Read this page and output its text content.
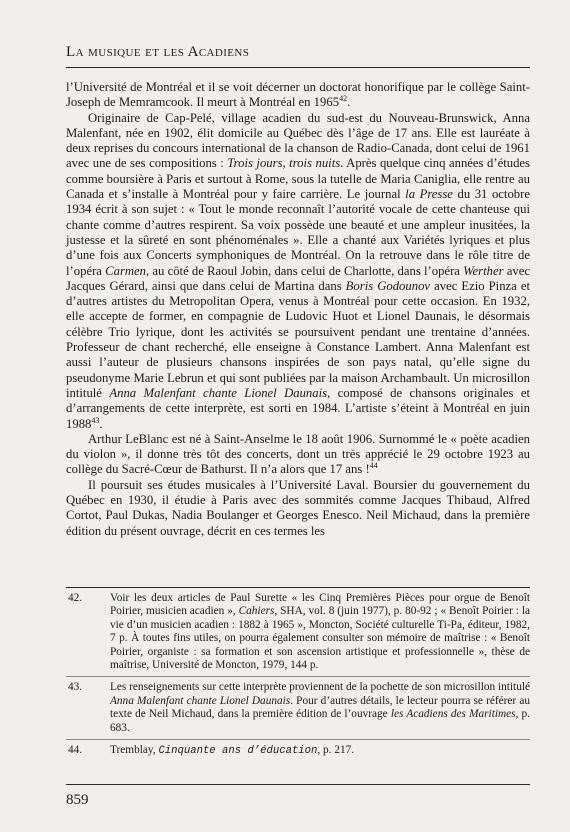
La musique et les Acadiens

l’Université de Montréal et il se voit décerner un doctorat honorifique par le collège Saint-Joseph de Memramcook. Il meurt à Montréal en 1965$^{42}$.

Originaire de Cap-Pelé, village acadien du sud-est du Nouveau-Brunswick, Anna Malenfant, née en 1902, élit domicile au Québec dès l’âge de 17 ans. Elle est lauréate à deux reprises du concours international de la chanson de Radio-Canada, dont celui de 1961 avec une de ses compositions : Trois jours, trois nuits. Après quelque cinq années d’études comme boursière à Paris et surtout à Rome, sous la tutelle de Maria Caniglia, elle rentre au Canada et s’installe à Montréal pour y faire carrière. Le journal la Presse du 31 octobre 1934 écrit à son sujet : « Tout le monde reconnaît l’autorité vocale de cette chanteuse qui chante comme d’autres respirent. Sa voix possède une beauté et une ampleur inusitées, la justesse et la sûreté en sont phénoménales ». Elle a chanté aux Variétés lyriques et plus d’une fois aux Concerts symphoniques de Montréal. On la retrouve dans le rôle titre de l’opéra Carmen, au côté de Raoul Jobin, dans celui de Charlotte, dans l’opéra Werther avec Jacques Gérard, ainsi que dans celui de Martina dans Boris Godounov avec Ezio Pinza et d’autres artistes du Metropolitan Opera, venus à Montréal pour cette occasion. En 1932, elle accepte de former, en compagnie de Ludovic Huot et Lionel Daunais, le désormais célèbre Trio lyrique, dont les activités se poursuivent pendant une trentaine d’années. Professeur de chant recherché, elle enseigne à Constance Lambert. Anna Malenfant est aussi l’auteur de plusieurs chansons inspirées de son pays natal, qu’elle signe du pseudonyme Marie Lebrun et qui sont publiées par la maison Archambault. Un microsillon intitulé Anna Malenfant chante Lionel Daunais, composé de chansons originales et d’arrangements de cette interprète, est sorti en 1984. L’artiste s’éteint à Montréal en juin 1988$^{43}$.

Arthur LeBlanc est né à Saint-Anselme le 18 août 1906. Surnommé le « poète acadien du violon », il donne très tôt des concerts, dont un très apprécié le 29 octobre 1923 au collège du Sacré-Cœur de Bathurst. Il n’a alors que 17 ans !$^{44}$

Il poursuit ses études musicales à l’Université Laval. Boursier du gouvernement du Québec en 1930, il étudie à Paris avec des sommités comme Jacques Thibaud, Alfred Cortot, Paul Dukas, Nadia Boulanger et Georges Enesco. Neil Michaud, dans la première édition du présent ouvrage, décrit en ces termes les

42.	Voir les deux articles de Paul Surette « les Cinq Premières Pièces pour orgue de Benoît Poirier, musicien acadien », Cahiers, SHA, vol. 8 (juin 1977), p. 80-92 ; « Benoît Poirier : la vie d’un musicien acadien : 1882 à 1965 », Moncton, Société culturelle Ti-Pa, éditeur, 1982, 7 p. À toutes fins utiles, on pourra également consulter son mémoire de maîtrise : « Benoît Poirier, organiste : sa formation et son ascension artistique et professionnelle », thèse de maîtrise, Université de Moncton, 1979, 144 p.
43.	Les renseignements sur cette interprète proviennent de la pochette de son microsillon intitulé Anna Malenfant chante Lionel Daunais. Pour d’autres détails, le lecteur pourra se référer au texte de Neil Michaud, dans la première édition de l’ouvrage les Acadiens des Maritimes, p. 683.
44.	Tremblay, Cinquante ans d’éducation, p. 217.
859
